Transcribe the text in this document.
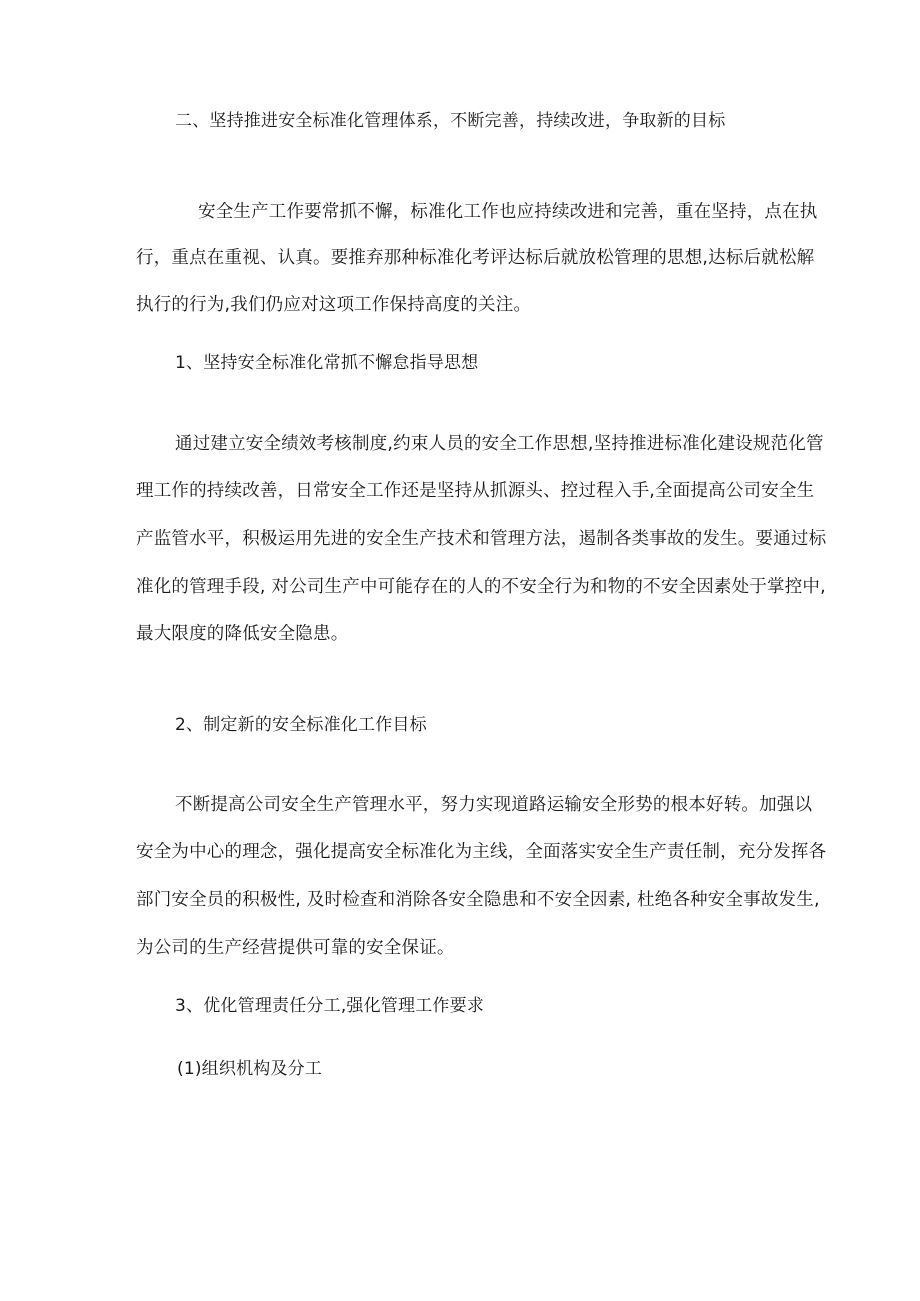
二、坚持推进安全标准化管理体系，不断完善，持续改进，争取新的目标
安全生产工作要常抓不懈，标准化工作也应持续改进和完善，重在坚持，点在执
行，重点在重视、认真。要推弃那种标准化考评达标后就放松管理的思想,达标后就松解
执行的行为,我们仍应对这项工作保持高度的关注。
1、坚持安全标准化常抓不懈怠指导思想
通过建立安全绩效考核制度,约束人员的安全工作思想,坚持推进标准化建设规范化管
理工作的持续改善，日常安全工作还是坚持从抓源头、控过程入手,全面提高公司安全生
产监管水平，积极运用先进的安全生产技术和管理方法，遏制各类事故的发生。要通过标
准化的管理手段, 对公司生产中可能存在的人的不安全行为和物的不安全因素处于掌控中,
最大限度的降低安全隐患。
2、制定新的安全标准化工作目标
不断提高公司安全生产管理水平，努力实现道路运输安全形势的根本好转。加强以
安全为中心的理念，强化提高安全标准化为主线，全面落实安全生产责任制，充分发挥各
部门安全员的积极性, 及时检查和消除各安全隐患和不安全因素, 杜绝各种安全事故发生,
为公司的生产经营提供可靠的安全保证。
3、优化管理责任分工,强化管理工作要求
(1)组织机构及分工
